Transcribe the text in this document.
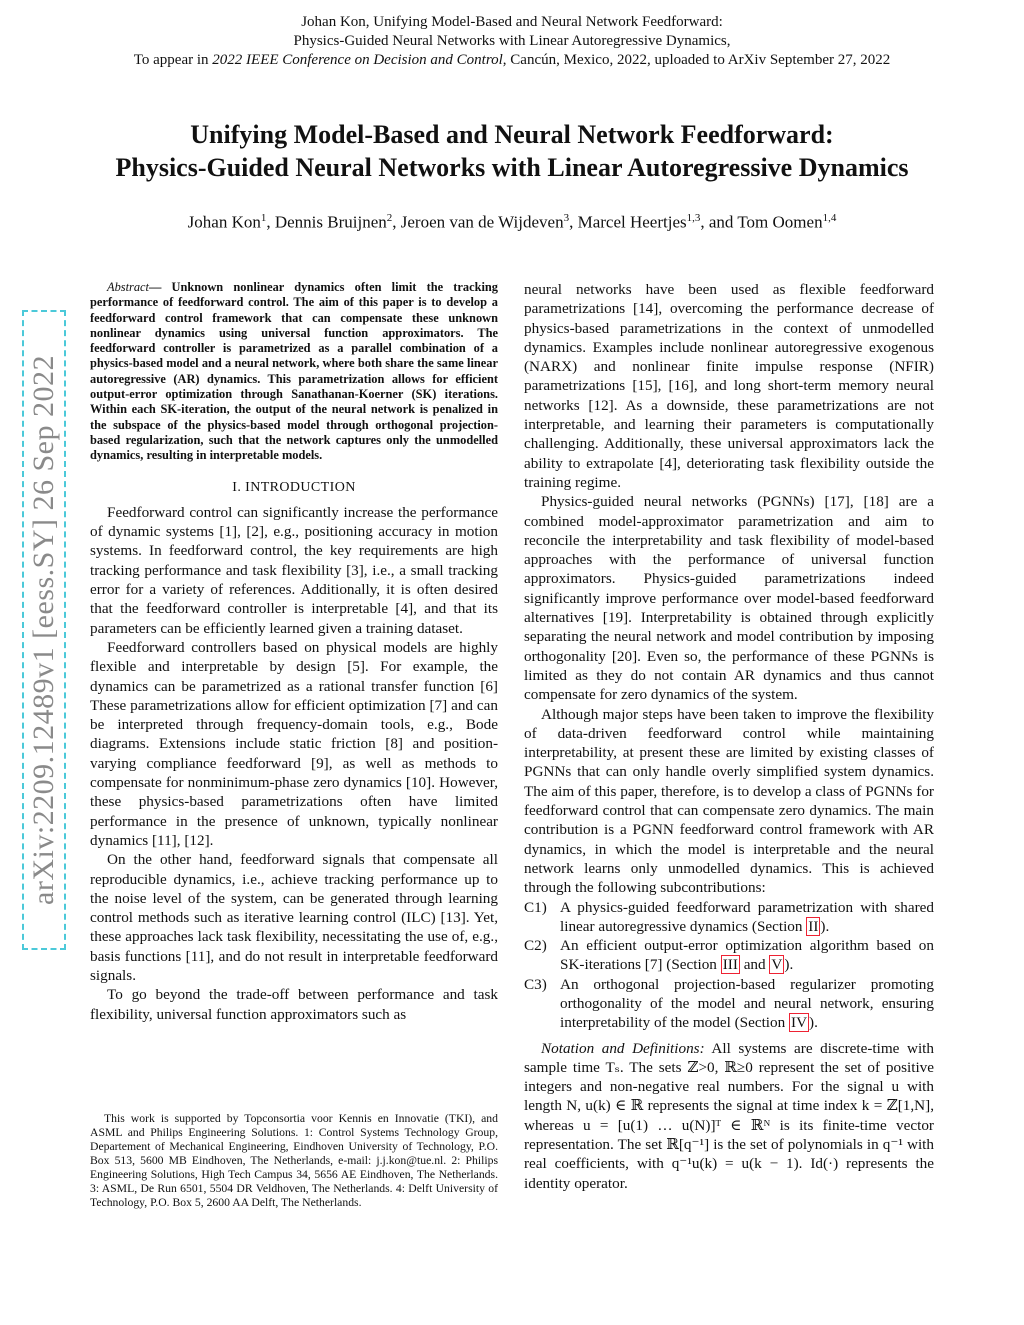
Johan Kon, Unifying Model-Based and Neural Network Feedforward:
Physics-Guided Neural Networks with Linear Autoregressive Dynamics,
To appear in 2022 IEEE Conference on Decision and Control, Cancún, Mexico, 2022, uploaded to ArXiv September 27, 2022
Unifying Model-Based and Neural Network Feedforward:
Physics-Guided Neural Networks with Linear Autoregressive Dynamics
Johan Kon$^1$, Dennis Bruijnen$^2$, Jeroen van de Wijdeven$^3$, Marcel Heertjes$^{1,3}$, and Tom Oomen$^{1,4}$
arXiv:2209.12489v1 [eess.SY] 26 Sep 2022

Abstract— Unknown nonlinear dynamics often limit the tracking performance of feedforward control. The aim of this paper is to develop a feedforward control framework that can compensate these unknown nonlinear dynamics using universal function approximators. The feedforward controller is parametrized as a parallel combination of a physics-based model and a neural network, where both share the same linear autoregressive (AR) dynamics. This parametrization allows for efficient output-error optimization through Sanathanan-Koerner (SK) iterations. Within each SK-iteration, the output of the neural network is penalized in the subspace of the physics-based model through orthogonal projection-based regularization, such that the network captures only the unmodelled dynamics, resulting in interpretable models.

I. INTRODUCTION

Feedforward control can significantly increase the performance of dynamic systems [1], [2], e.g., positioning accuracy in motion systems. In feedforward control, the key requirements are high tracking performance and task flexibility [3], i.e., a small tracking error for a variety of references. Additionally, it is often desired that the feedforward controller is interpretable [4], and that its parameters can be efficiently learned given a training dataset.

Feedforward controllers based on physical models are highly flexible and interpretable by design [5]. For example, the dynamics can be parametrized as a rational transfer function [6] These parametrizations allow for efficient optimization [7] and can be interpreted through frequency-domain tools, e.g., Bode diagrams. Extensions include static friction [8] and position-varying compliance feedforward [9], as well as methods to compensate for nonminimum-phase zero dynamics [10]. However, these physics-based parametrizations often have limited performance in the presence of unknown, typically nonlinear dynamics [11], [12].

On the other hand, feedforward signals that compensate all reproducible dynamics, i.e., achieve tracking performance up to the noise level of the system, can be generated through learning control methods such as iterative learning control (ILC) [13]. Yet, these approaches lack task flexibility, necessitating the use of, e.g., basis functions [11], and do not result in interpretable feedforward signals.

To go beyond the trade-off between performance and task flexibility, universal function approximators such as

This work is supported by Topconsortia voor Kennis en Innovatie (TKI), and ASML and Philips Engineering Solutions. 1: Control Systems Technology Group, Departement of Mechanical Engineering, Eindhoven University of Technology, P.O. Box 513, 5600 MB Eindhoven, The Netherlands, e-mail: j.j.kon@tue.nl. 2: Philips Engineering Solutions, High Tech Campus 34, 5656 AE Eindhoven, The Netherlands. 3: ASML, De Run 6501, 5504 DR Veldhoven, The Netherlands. 4: Delft University of Technology, P.O. Box 5, 2600 AA Delft, The Netherlands.

neural networks have been used as flexible feedforward parametrizations [14], overcoming the performance decrease of physics-based parametrizations in the context of unmodelled dynamics. Examples include nonlinear autoregressive exogenous (NARX) and nonlinear finite impulse response (NFIR) parametrizations [15], [16], and long short-term memory neural networks [12]. As a downside, these parametrizations are not interpretable, and learning their parameters is computationally challenging. Additionally, these universal approximators lack the ability to extrapolate [4], deteriorating task flexibility outside the training regime.

Physics-guided neural networks (PGNNs) [17], [18] are a combined model-approximator parametrization and aim to reconcile the interpretability and task flexibility of model-based approaches with the performance of universal function approximators. Physics-guided parametrizations indeed significantly improve performance over model-based feedforward alternatives [19]. Interpretability is obtained through explicitly separating the neural network and model contribution by imposing orthogonality [20]. Even so, the performance of these PGNNs is limited as they do not contain AR dynamics and thus cannot compensate for zero dynamics of the system.

Although major steps have been taken to improve the flexibility of data-driven feedforward control while maintaining interpretability, at present these are limited by existing classes of PGNNs that can only handle overly simplified system dynamics. The aim of this paper, therefore, is to develop a class of PGNNs for feedforward control that can compensate zero dynamics. The main contribution is a PGNN feedforward control framework with AR dynamics, in which the model is interpretable and the neural network learns only unmodelled dynamics. This is achieved through the following subcontributions:

C1) A physics-guided feedforward parametrization with shared linear autoregressive dynamics (Section II ).
C2) An efficient output-error optimization algorithm based on SK-iterations [7] (Section III and V ).
C3) An orthogonal projection-based regularizer promoting orthogonality of the model and neural network, ensuring interpretability of the model (Section IV ).

Notation and Definitions: All systems are discrete-time with sample time Tₛ. The sets ℤ>0, ℝ≥0 represent the set of positive integers and non-negative real numbers. For the signal u with length N, u(k) ∈ ℝ represents the signal at time index k = ℤ[1,N], whereas u = [u(1) … u(N)]ᵀ ∈ ℝᴺ is its finite-time vector representation. The set ℝ[q⁻¹] is the set of polynomials in q⁻¹ with real coefficients, with q⁻¹u(k) = u(k − 1). Id(·) represents the identity operator.
